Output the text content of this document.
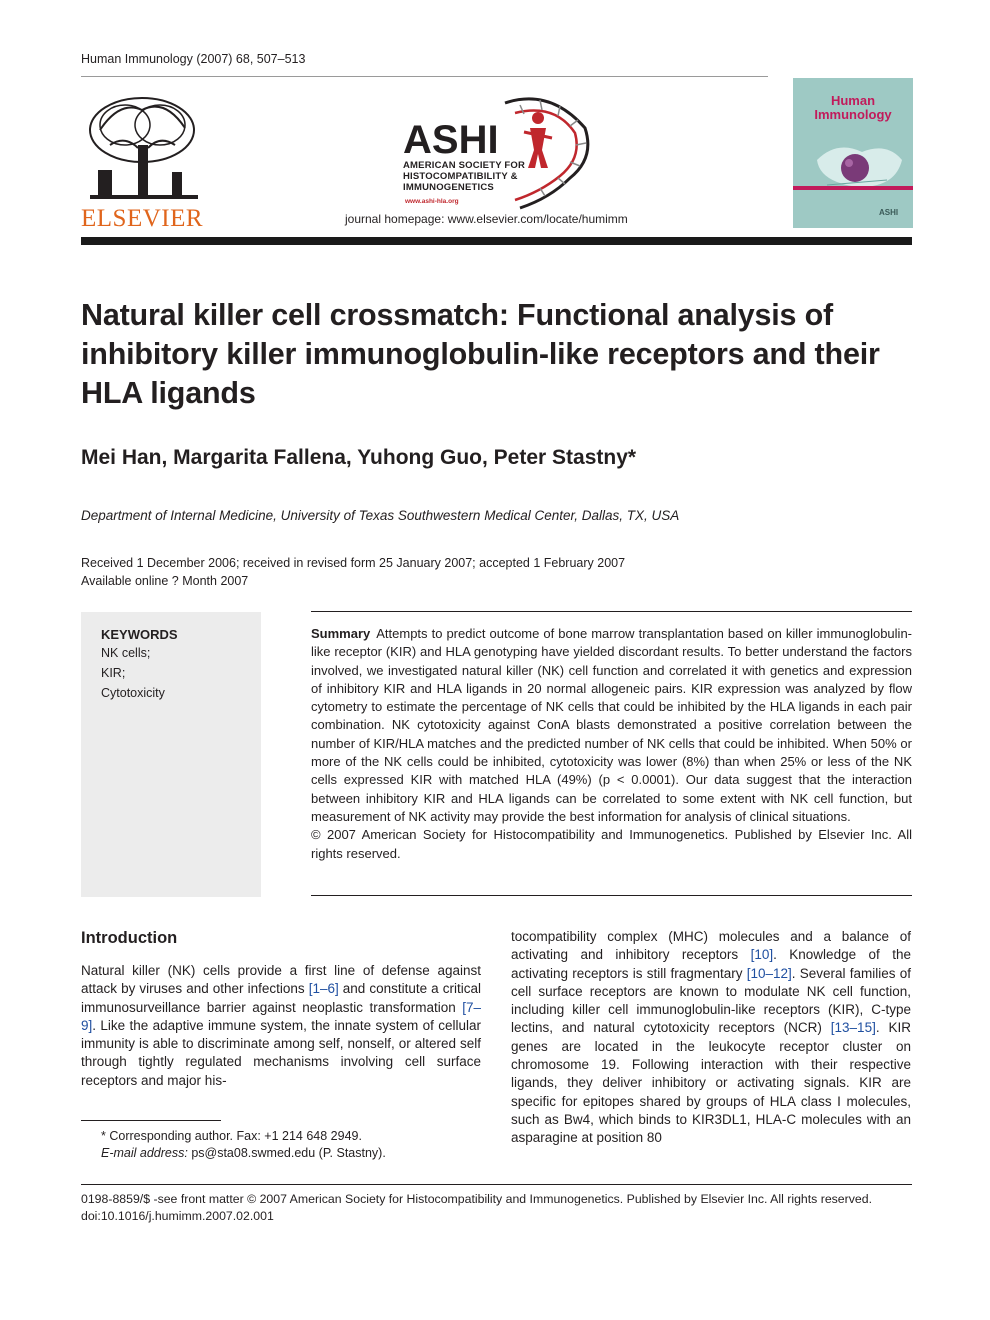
Human Immunology (2007) 68, 507–513
ELSEVIER
ASHI
AMERICAN SOCIETY FOR
HISTOCOMPATIBILITY &
IMMUNOGENETICS
www.ashi-hla.org
journal homepage: www.elsevier.com/locate/humimm
Human
Immunology
ASHI
Natural killer cell crossmatch: Functional analysis of inhibitory killer immunoglobulin-like receptors and their HLA ligands
Mei Han, Margarita Fallena, Yuhong Guo, Peter Stastny*
Department of Internal Medicine, University of Texas Southwestern Medical Center, Dallas, TX, USA
Received 1 December 2006; received in revised form 25 January 2007; accepted 1 February 2007
Available online ? Month 2007
KEYWORDS
NK cells;
KIR;
Cytotoxicity

Summary Attempts to predict outcome of bone marrow transplantation based on killer immunoglobulin-like receptor (KIR) and HLA genotyping have yielded discordant results. To better understand the factors involved, we investigated natural killer (NK) cell function and correlated it with genetics and expression of inhibitory KIR and HLA ligands in 20 normal allogeneic pairs. KIR expression was analyzed by flow cytometry to estimate the percentage of NK cells that could be inhibited by the HLA ligands in each pair combination. NK cytotoxicity against ConA blasts demonstrated a positive correlation between the number of KIR/HLA matches and the predicted number of NK cells that could be inhibited. When 50% or more of the NK cells could be inhibited, cytotoxicity was lower (8%) than when 25% or less of the NK cells expressed KIR with matched HLA (49%) (p < 0.0001). Our data suggest that the interaction between inhibitory KIR and HLA ligands can be correlated to some extent with NK cell function, but measurement of NK activity may provide the best information for analysis of clinical situations.

© 2007 American Society for Histocompatibility and Immunogenetics. Published by Elsevier Inc. All rights reserved.

Introduction

Natural killer (NK) cells provide a first line of defense against attack by viruses and other infections [1–6] and constitute a critical immunosurveillance barrier against neoplastic transformation [7–9]. Like the adaptive immune system, the innate system of cellular immunity is able to discriminate among self, nonself, or altered self through tightly regulated mechanisms involving cell surface receptors and major his-

tocompatibility complex (MHC) molecules and a balance of activating and inhibitory receptors [10]. Knowledge of the activating receptors is still fragmentary [10–12]. Several families of cell surface receptors are known to modulate NK cell function, including killer cell immunoglobulin-like receptors (KIR), C-type lectins, and natural cytotoxicity receptors (NCR) [13–15]. KIR genes are located in the leukocyte receptor cluster on chromosome 19. Following interaction with their respective ligands, they deliver inhibitory or activating signals. KIR are specific for epitopes shared by groups of HLA class I molecules, such as Bw4, which binds to KIR3DL1, HLA-C molecules with an asparagine at position 80

* Corresponding author. Fax: +1 214 648 2949.
E-mail address: ps@sta08.swmed.edu (P. Stastny).
0198-8859/$ -see front matter © 2007 American Society for Histocompatibility and Immunogenetics. Published by Elsevier Inc. All rights reserved.
doi:10.1016/j.humimm.2007.02.001
